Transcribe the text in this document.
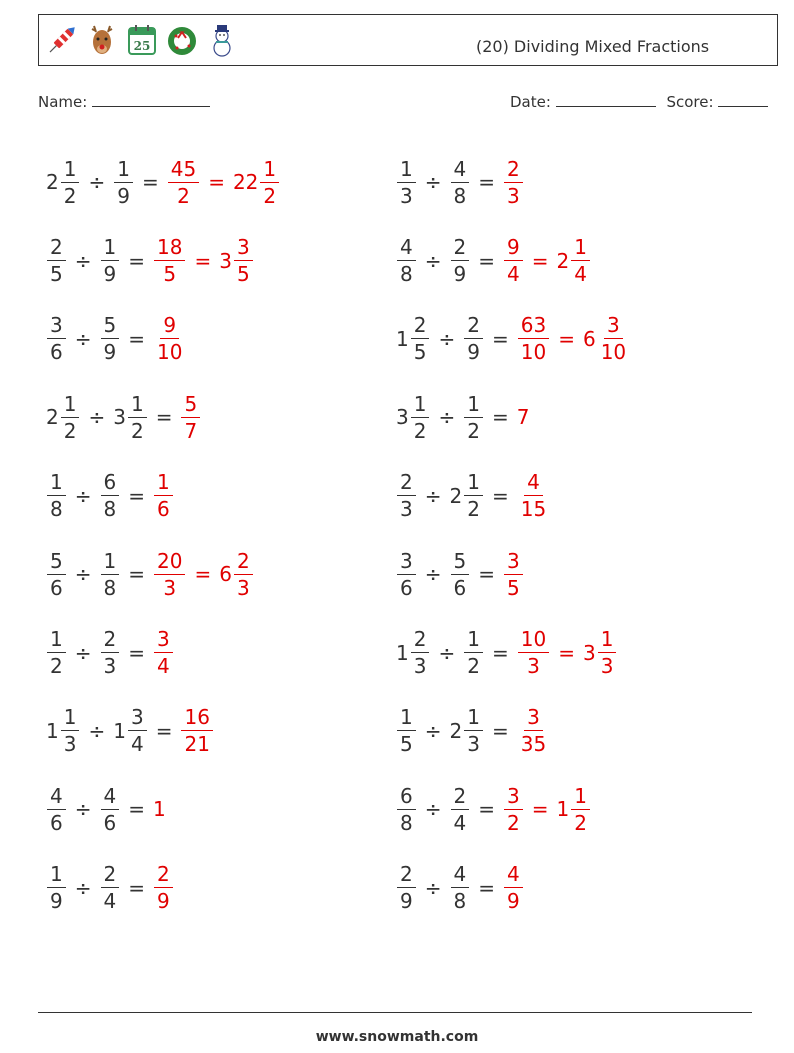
25	(20) Dividing Mixed Fractions
Name:	Date:	Score:
$2 \frac{1}{2} \div \frac{1}{9} = \frac{45}{2} = 22 \frac{1}{2}$
$\frac{2}{5} \div \frac{1}{9} = \frac{18}{5} = 3 \frac{3}{5}$
$\frac{3}{6} \div \frac{5}{9} = \frac{9}{10}$
$2 \frac{1}{2} \div 3 \frac{1}{2} = \frac{5}{7}$
$\frac{1}{8} \div \frac{6}{8} = \frac{1}{6}$
$\frac{5}{6} \div \frac{1}{8} = \frac{20}{3} = 6 \frac{2}{3}$
$\frac{1}{2} \div \frac{2}{3} = \frac{3}{4}$
$1 \frac{1}{3} \div 1 \frac{3}{4} = \frac{16}{21}$
$\frac{4}{6} \div \frac{4}{6} = 1$
$\frac{1}{9} \div \frac{2}{4} = \frac{2}{9}$
$\frac{1}{3} \div \frac{4}{8} = \frac{2}{3}$
$\frac{4}{8} \div \frac{2}{9} = \frac{9}{4} = 2 \frac{1}{4}$
$1 \frac{2}{5} \div \frac{2}{9} = \frac{63}{10} = 6 \frac{3}{10}$
$3 \frac{1}{2} \div \frac{1}{2} = 7$
$\frac{2}{3} \div 2 \frac{1}{2} = \frac{4}{15}$
$\frac{3}{6} \div \frac{5}{6} = \frac{3}{5}$
$1 \frac{2}{3} \div \frac{1}{2} = \frac{10}{3} = 3 \frac{1}{3}$
$\frac{1}{5} \div 2 \frac{1}{3} = \frac{3}{35}$
$\frac{6}{8} \div \frac{2}{4} = \frac{3}{2} = 1 \frac{1}{2}$
$\frac{2}{9} \div \frac{4}{8} = \frac{4}{9}$
www.snowmath.com
